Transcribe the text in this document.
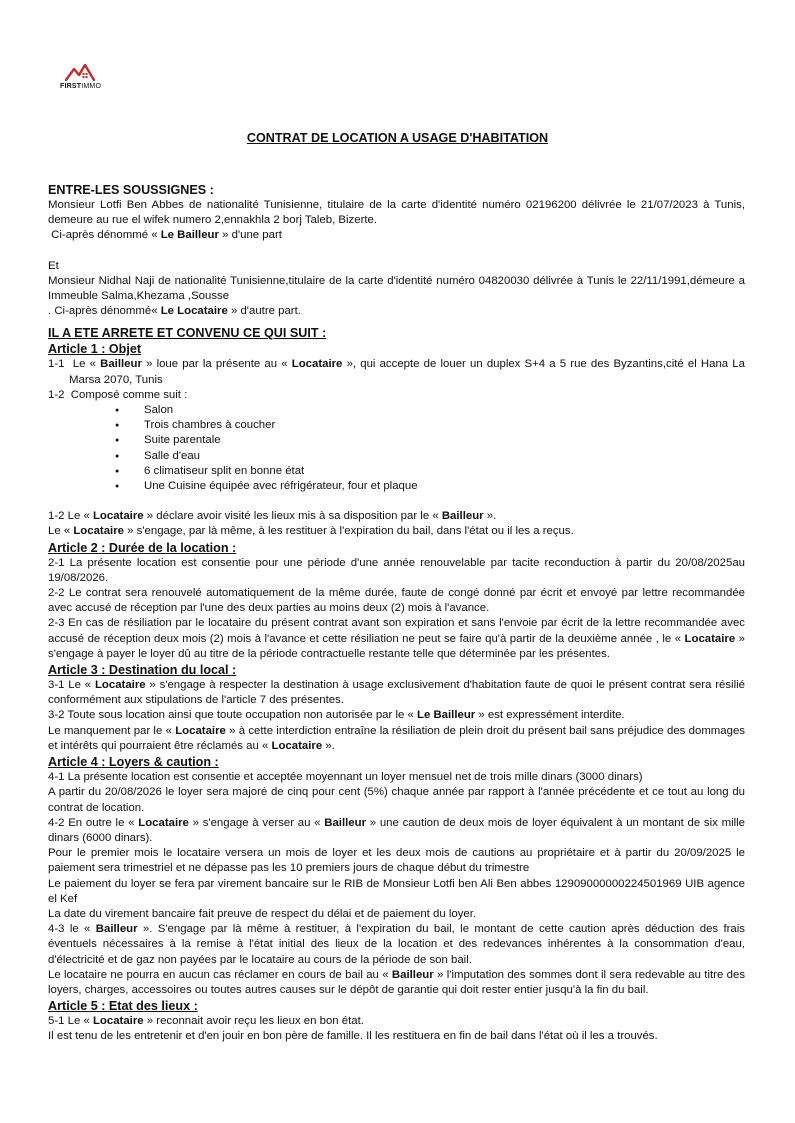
FIRSTIMMO
CONTRAT DE LOCATION A USAGE D'HABITATION
ENTRE-LES SOUSSIGNES :

Monsieur Lotfi Ben Abbes de nationalité Tunisienne, titulaire de la carte d'identité numéro 02196200 délivrée le 21/07/2023 à Tunis, demeure au rue el wifek numero 2,ennakhla 2 borj Taleb, Bizerte.

Ci-après dénommé « Le Bailleur » d'une part

Et

Monsieur Nidhal Naji de nationalité Tunisienne,titulaire de la carte d'identité numéro 04820030 délivrée à Tunis le 22/11/1991,démeure a Immeuble Salma,Khezama ,Sousse

. Ci-après dénommé« Le Locataire » d'autre part.

IL A ETE ARRETE ET CONVENU CE QUI SUIT :
Article 1 : Objet

1-1  Le « Bailleur » loue par la présente au « Locataire », qui accepte de louer un duplex S+4 a 5 rue des Byzantins,cité el Hana La Marsa 2070, Tunis

1-2  Composé comme suit :

● Salon
● Trois chambres à coucher
● Suite parentale
● Salle d'eau
● 6 climatiseur split en bonne état
● Une Cuisine équipée avec réfrigérateur, four et plaque

1-2 Le « Locataire » déclare avoir visité les lieux mis à sa disposition par le « Bailleur ».

Le « Locataire » s'engage, par là même, à les restituer à l'expiration du bail, dans l'état ou il les a reçus.

Article 2 : Durée de la location :

2-1 La présente location est consentie pour une période d'une année renouvelable par tacite reconduction à partir du 20/08/2025au 19/08/2026.

2-2 Le contrat sera renouvelé automatiquement de la même durée, faute de congé donné par écrit et envoyé par lettre recommandée avec accusé de réception par l'une des deux parties au moins deux (2) mois à l'avance.

2-3 En cas de résiliation par le locataire du présent contrat avant son expiration et sans l'envoie par écrit de la lettre recommandée avec accusé de réception deux mois (2) mois à l'avance et cette résiliation ne peut se faire qu'à partir de la deuxième année , le « Locataire » s'engage à payer le loyer dû au titre de la période contractuelle restante telle que déterminée par les présentes.

Article 3 : Destination du local :

3-1 Le « Locataire » s'engage à respecter la destination à usage exclusivement d'habitation faute de quoi le présent contrat sera résilié conformément aux stipulations de l'article 7 des présentes.

3-2 Toute sous location ainsi que toute occupation non autorisée par le « Le Bailleur » est expressément interdite.

Le manquement par le « Locataire » à cette interdiction entraîne la résiliation de plein droit du présent bail sans préjudice des dommages et intérêts qui pourraient être réclamés au « Locataire ».

Article 4 : Loyers & caution :

4-1 La présente location est consentie et acceptée moyennant un loyer mensuel net de trois mille dinars (3000 dinars)

A partir du 20/08/2026 le loyer sera majoré de cinq pour cent (5%) chaque année par rapport à l'année précédente et ce tout au long du contrat de location.

4-2 En outre le « Locataire » s'engage à verser au « Bailleur » une caution de deux mois de loyer équivalent à un montant de six mille dinars (6000 dinars).

Pour le premier mois le locataire versera un mois de loyer et les deux mois de cautions au propriétaire et à partir du 20/09/2025 le paiement sera trimestriel et ne dépasse pas les 10 premiers jours de chaque début du trimestre

Le paiement du loyer se fera par virement bancaire sur le RIB de Monsieur Lotfi ben Ali Ben abbes 12909000000224501969 UIB agence el Kef

La date du virement bancaire fait preuve de respect du délai et de paiement du loyer.

4-3 le « Bailleur ». S'engage par là même à restituer, à l'expiration du bail, le montant de cette caution après déduction des frais éventuels nécessaires à la remise à l'état initial des lieux de la location et des redevances inhérentes à la consommation d'eau, d'électricité et de gaz non payées par le locataire au cours de la période de son bail.

Le locataire ne pourra en aucun cas réclamer en cours de bail au « Bailleur » l'imputation des sommes dont il sera redevable au titre des loyers, charges, accessoires ou toutes autres causes sur le dépôt de garantie qui doit rester entier jusqu'à la fin du bail.

Article 5 : Etat des lieux :

5-1 Le « Locataire » reconnait avoir reçu les lieux en bon état.

Il est tenu de les entretenir et d'en jouir en bon père de famille. Il les restituera en fin de bail dans l'état où il les a trouvés.
